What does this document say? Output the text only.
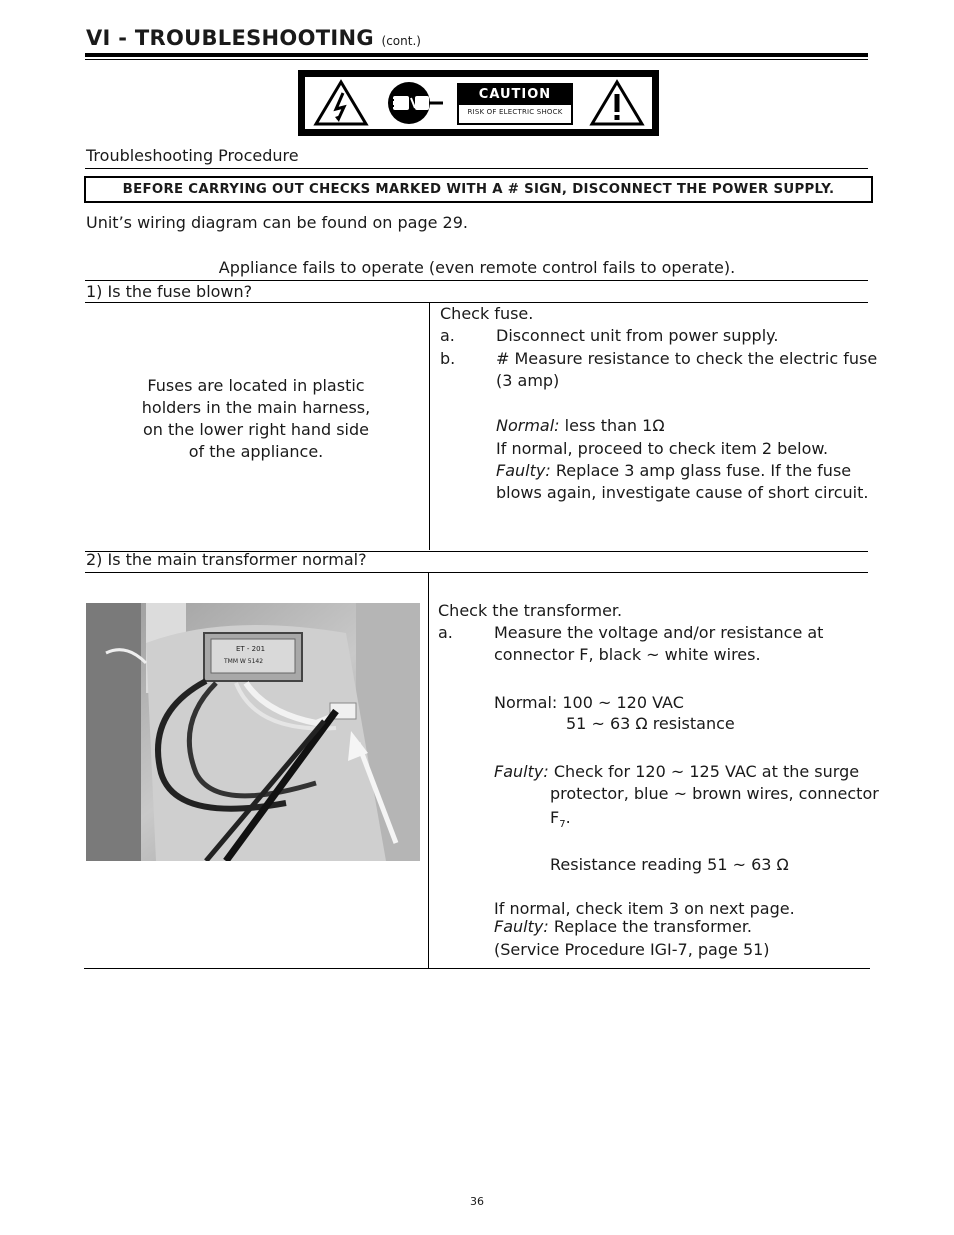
VI - TROUBLESHOOTING (cont.)
CAUTION
RISK OF ELECTRIC SHOCK
Troubleshooting Procedure
BEFORE CARRYING OUT CHECKS MARKED WITH A # SIGN, DISCONNECT THE POWER SUPPLY.
Unit’s wiring diagram can be found on page 29.
Appliance fails to operate (even remote control fails to operate).
1) Is the fuse blown?
Fuses are located in plastic
holders in the main harness,
on the lower right hand side
of the appliance.
Check fuse.
a.	Disconnect unit from power supply.
b.	# Measure resistance to check the electric fuse
(3 amp)
Normal: less than 1Ω
If normal, proceed to check item 2 below.
Faulty: Replace 3 amp glass fuse. If the fuse
blows again, investigate cause of short circuit.
2) Is the main transformer normal?
ET - 201
TMM W 5142
Check the transformer.
a.	Measure the voltage and/or resistance at
connector F, black ~ white wires.
Normal: 100 ~ 120 VAC
51 ~ 63 Ω resistance
Faulty: Check for 120 ~ 125 VAC at the surge
protector, blue ~ brown wires, connector
$F_7$.
Resistance reading 51 ~ 63 Ω
If normal, check item 3 on next page.
Faulty: Replace the transformer.
(Service Procedure IGI-7, page 51)
36
